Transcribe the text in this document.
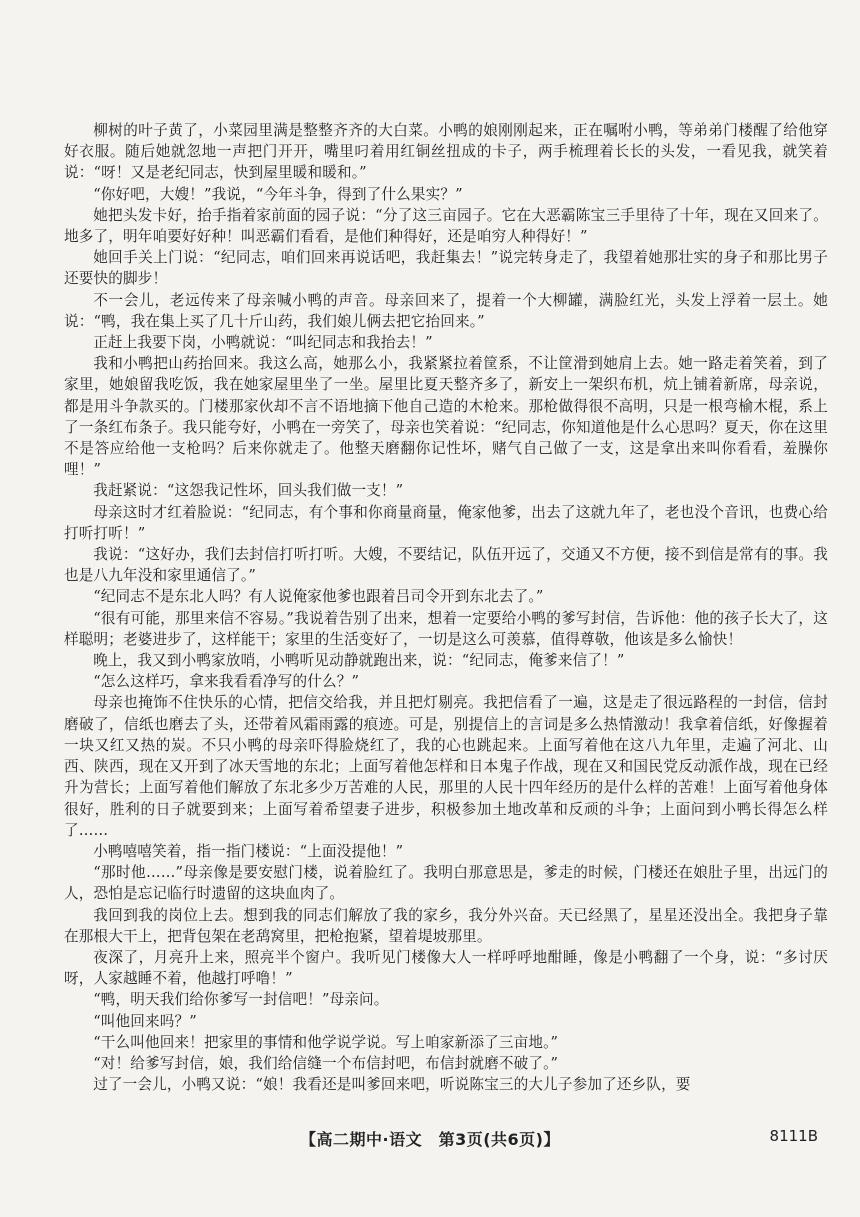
柳树的叶子黄了，小菜园里满是整整齐齐的大白菜。小鸭的娘刚刚起来，正在嘱咐小鸭，等弟弟门楼醒了给他穿好衣服。随后她就忽地一声把门开开，嘴里叼着用红铜丝扭成的卡子，两手梳理着长长的头发，一看见我，就笑着说：“呀！又是老纪同志，快到屋里暖和暖和。”

“你好吧，大嫂！”我说，“今年斗争，得到了什么果实？”

她把头发卡好，抬手指着家前面的园子说：“分了这三亩园子。它在大恶霸陈宝三手里待了十年，现在又回来了。地多了，明年咱要好好种！叫恶霸们看看，是他们种得好，还是咱穷人种得好！”

她回手关上门说：“纪同志，咱们回来再说话吧，我赶集去！”说完转身走了，我望着她那壮实的身子和那比男子还要快的脚步！

不一会儿，老远传来了母亲喊小鸭的声音。母亲回来了，提着一个大柳罐，满脸红光，头发上浮着一层土。她说：“鸭，我在集上买了几十斤山药，我们娘儿俩去把它抬回来。”

正赶上我要下岗，小鸭就说：“叫纪同志和我抬去！”

我和小鸭把山药抬回来。我这么高，她那么小，我紧紧拉着筐系，不让筐滑到她肩上去。她一路走着笑着，到了家里，她娘留我吃饭，我在她家屋里坐了一坐。屋里比夏天整齐多了，新安上一架织布机，炕上铺着新席，母亲说，都是用斗争款买的。门楼那家伙却不言不语地摘下他自己造的木枪来。那枪做得很不高明，只是一根弯榆木棍，系上了一条红布条子。我只能夸好，小鸭在一旁笑了，母亲也笑着说：“纪同志，你知道他是什么心思吗？夏天，你在这里不是答应给他一支枪吗？后来你就走了。他整天磨翻你记性坏，赌气自己做了一支，这是拿出来叫你看看，羞臊你哩！”

我赶紧说：“这怨我记性坏，回头我们做一支！”

母亲这时才红着脸说：“纪同志，有个事和你商量商量，俺家他爹，出去了这就九年了，老也没个音讯，也费心给打听打听！”

我说：“这好办，我们去封信打听打听。大嫂，不要结记，队伍开远了，交通又不方便，接不到信是常有的事。我也是八九年没和家里通信了。”

“纪同志不是东北人吗？有人说俺家他爹也跟着吕司令开到东北去了。”

“很有可能，那里来信不容易。”我说着告别了出来，想着一定要给小鸭的爹写封信，告诉他：他的孩子长大了，这样聪明；老婆进步了，这样能干；家里的生活变好了，一切是这么可羡慕，值得尊敬，他该是多么愉快！

晚上，我又到小鸭家放哨，小鸭听见动静就跑出来，说：“纪同志，俺爹来信了！”

“怎么这样巧，拿来我看看净写的什么？”

母亲也掩饰不住快乐的心情，把信交给我，并且把灯剔亮。我把信看了一遍，这是走了很远路程的一封信，信封磨破了，信纸也磨去了头，还带着风霜雨露的痕迹。可是，别提信上的言词是多么热情激动！我拿着信纸，好像握着一块又红又热的炭。不只小鸭的母亲吓得脸烧红了，我的心也跳起来。上面写着他在这八九年里，走遍了河北、山西、陕西，现在又开到了冰天雪地的东北；上面写着他怎样和日本鬼子作战，现在又和国民党反动派作战，现在已经升为营长；上面写着他们解放了东北多少万苦难的人民，那里的人民十四年经历的是什么样的苦难！上面写着他身体很好，胜利的日子就要到来；上面写着希望妻子进步，积极参加土地改革和反顽的斗争；上面问到小鸭长得怎么样了……

小鸭嘻嘻笑着，指一指门楼说：“上面没提他！”

“那时他……”母亲像是要安慰门楼，说着脸红了。我明白那意思是，爹走的时候，门楼还在娘肚子里，出远门的人，恐怕是忘记临行时遗留的这块血肉了。

我回到我的岗位上去。想到我的同志们解放了我的家乡，我分外兴奋。天已经黑了，星星还没出全。我把身子靠在那根大干上，把背包架在老鸹窝里，把枪抱紧，望着堤坡那里。

夜深了，月亮升上来，照亮半个窗户。我听见门楼像大人一样呼呼地酣睡，像是小鸭翻了一个身，说：“多讨厌呀，人家越睡不着，他越打呼噜！”

“鸭，明天我们给你爹写一封信吧！”母亲问。

“叫他回来吗？”

“干么叫他回来！把家里的事情和他学说学说。写上咱家新添了三亩地。”

“对！给爹写封信，娘，我们给信缝一个布信封吧，布信封就磨不破了。”

过了一会儿，小鸭又说：“娘！我看还是叫爹回来吧，听说陈宝三的大儿子参加了还乡队，要

【高二期中·语文　第3页(共6页)】	8111B
